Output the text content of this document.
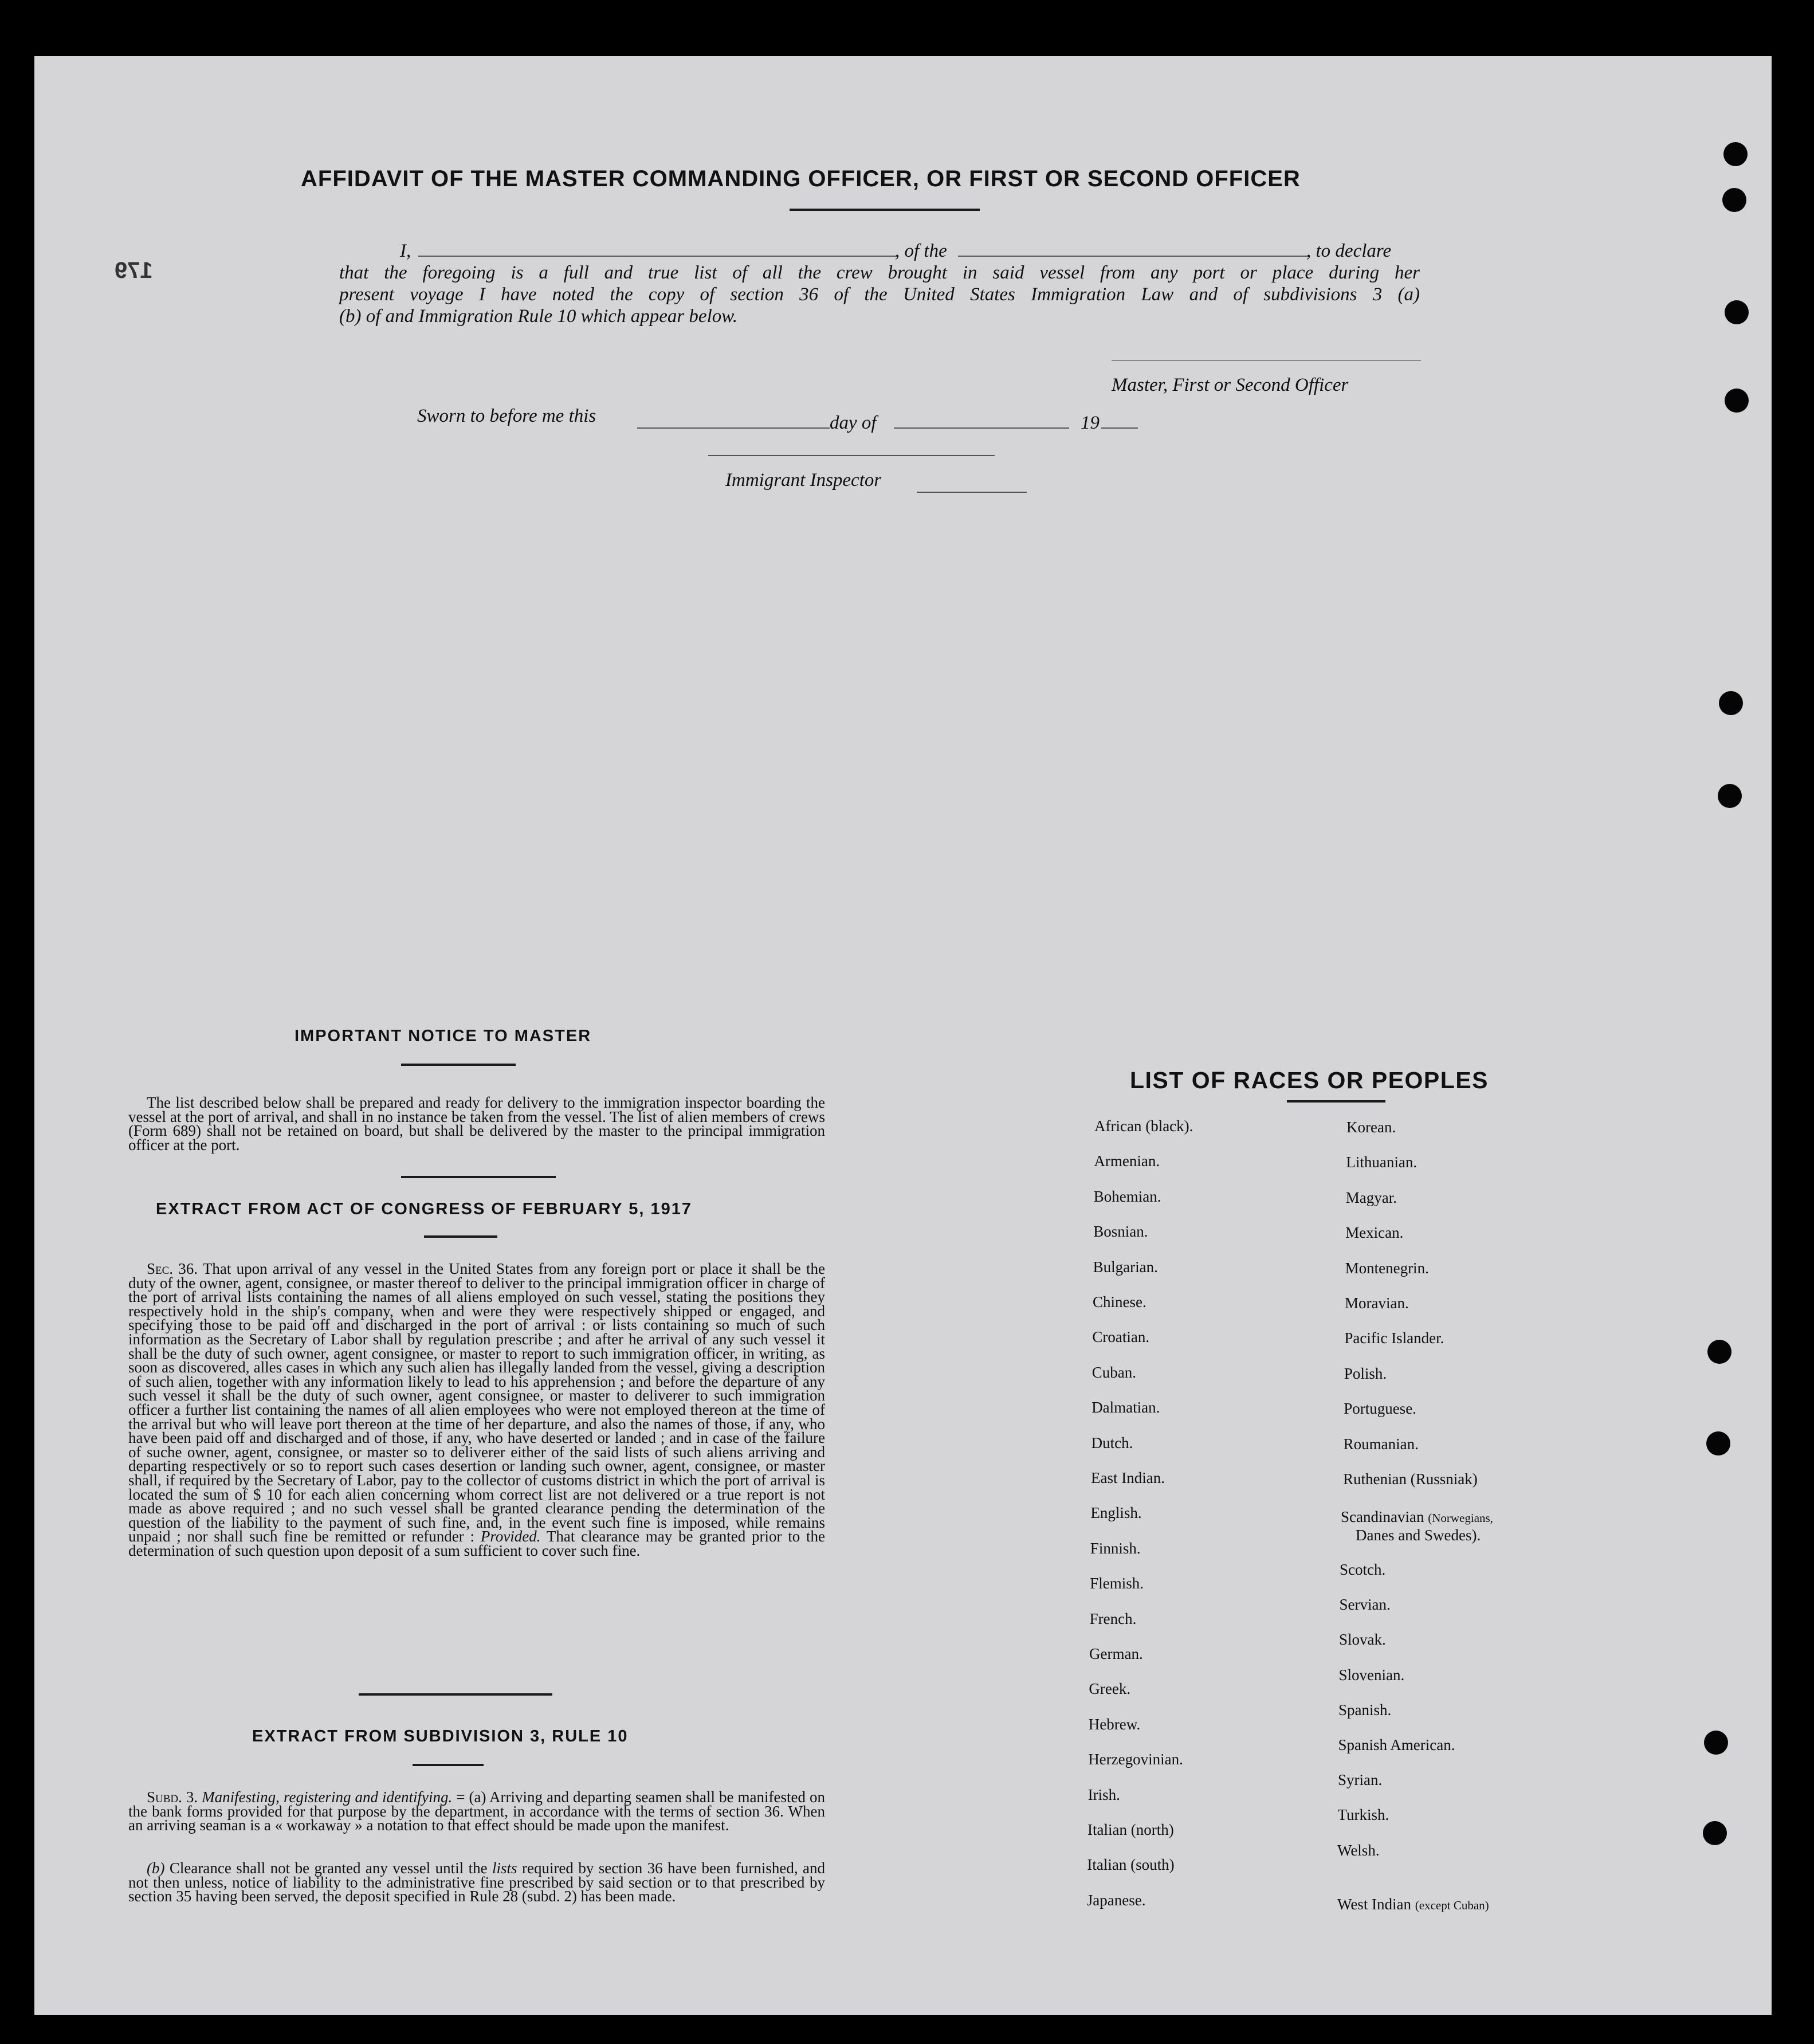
179
AFFIDAVIT OF THE MASTER COMMANDING OFFICER, OR FIRST OR SECOND OFFICER
I,	, of the	, to declare
that the foregoing is a full and true list of all the crew brought in said vessel from any port or place during her
present voyage I have noted the copy of section 36 of the United States Immigration Law and of subdivisions 3 (a)
(b) of and Immigration Rule 10 which appear below.
Master, First or Second Officer
Sworn to before me this	day of	19
Immigrant Inspector
IMPORTANT NOTICE TO MASTER
The list described below shall be prepared and ready for delivery to the immigration inspector boarding the vessel at the port of arrival, and shall in no instance be taken from the vessel. The list of alien members of crews (Form 689) shall not be retained on board, but shall be delivered by the master to the principal immigration officer at the port.
EXTRACT FROM ACT OF CONGRESS OF FEBRUARY 5, 1917
Sec. 36. That upon arrival of any vessel in the United States from any foreign port or place it shall be the duty of the owner, agent, consignee, or master thereof to deliver to the principal immigration officer in charge of the port of arrival lists containing the names of all aliens employed on such vessel, stating the positions they respectively hold in the ship's company, when and were they were respectively shipped or engaged, and specifying those to be paid off and discharged in the port of arrival : or lists containing so much of such information as the Secretary of Labor shall by regulation prescribe ; and after he arrival of any such vessel it shall be the duty of such owner, agent consignee, or master to report to such immigration officer, in writing, as soon as discovered, alles cases in which any such alien has illegally landed from the vessel, giving a description of such alien, together with any information likely to lead to his apprehension ; and before the departure of any such vessel it shall be the duty of such owner, agent consignee, or master to deliverer to such immigration officer a further list containing the names of all alien employees who were not employed thereon at the time of the arrival but who will leave port thereon at the time of her departure, and also the names of those, if any, who have been paid off and discharged and of those, if any, who have deserted or landed ; and in case of the failure of suche owner, agent, consignee, or master so to deliverer either of the said lists of such aliens arriving and departing respectively or so to report such cases desertion or landing such owner, agent, consignee, or master shall, if required by the Secretary of Labor, pay to the collector of customs district in which the port of arrival is located the sum of $ 10 for each alien concerning whom correct list are not delivered or a true report is not made as above required ; and no such vessel shall be granted clearance pending the determination of the question of the liability to the payment of such fine, and, in the event such fine is imposed, while remains unpaid ; nor shall such fine be remitted or refunder : Provided. That clearance may be granted prior to the determination of such question upon deposit of a sum sufficient to cover such fine.
EXTRACT FROM SUBDIVISION 3, RULE 10
Subd. 3. Manifesting, registering and identifying. = (a) Arriving and departing seamen shall be manifested on the bank forms provided for that purpose by the department, in accordance with the terms of section 36. When an arriving seaman is a « workaway » a notation to that effect should be made upon the manifest.
(b) Clearance shall not be granted any vessel until the lists required by section 36 have been furnished, and not then unless, notice of liability to the administrative fine prescribed by said section or to that prescribed by section 35 having been served, the deposit specified in Rule 28 (subd. 2) has been made.
LIST OF RACES OR PEOPLES
African (black).
Armenian.
Bohemian.
Bosnian.
Bulgarian.
Chinese.
Croatian.
Cuban.
Dalmatian.
Dutch.
East Indian.
English.
Finnish.
Flemish.
French.
German.
Greek.
Hebrew.
Herzegovinian.
Irish.
Italian (north)
Italian (south)
Japanese.
Korean.
Lithuanian.
Magyar.
Mexican.
Montenegrin.
Moravian.
Pacific Islander.
Polish.
Portuguese.
Roumanian.
Ruthenian (Russniak)
Scandinavian (Norwegians,
Danes and Swedes).
Scotch.
Servian.
Slovak.
Slovenian.
Spanish.
Spanish American.
Syrian.
Turkish.
Welsh.
West Indian (except Cuban)
